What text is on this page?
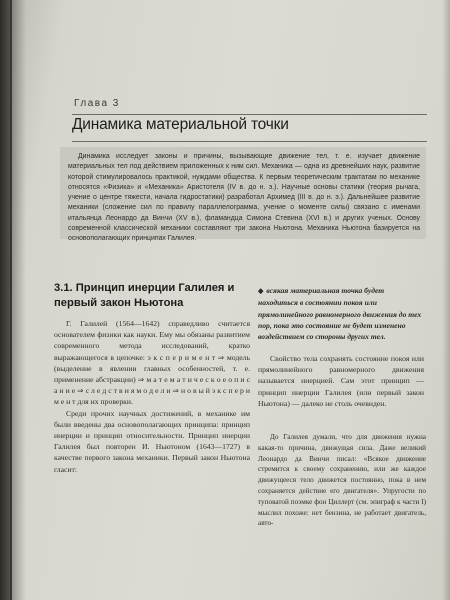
Глава 3
Динамика материальной точки
Динамика исследует законы и причины, вызывающие движение тел, т. е. изучает движение материальных тел под действием приложенных к ним сил. Механика — одна из древнейших наук, развитие которой стимулировалось практикой, нуждами общества. К первым теоретическим трактатам по механике относятся «Физика» и «Механика» Аристотеля (IV в. до н. э.). Научные основы статики (теория рычага, учение о центре тяжести, начала гидростатики) разработал Архимед (III в. до н. э.). Дальнейшее развитие механики (сложение сил по правилу параллелограмма, учение о моменте силы) связано с именами итальянца Леонардо да Винчи (XV в.), фламандца Симона Стевина (XVI в.) и других ученых. Основу современной классической механики составляют три закона Ньютона. Механика Ньютона базируется на основополагающих принципах Галилея.
3.1. Принцип инерции Галилея и первый закон Ньютона
◆ всякая материальная точка будет находиться в состоянии покоя или прямолинейного равномерного движения до тех пор, пока это состояние не будет изменено воздействием со стороны других тел.

Г. Галилей (1564—1642) справедливо считается основателем физики как науки. Ему мы обязаны развитием современного метода исследований, кратко выражающегося в цепочке: э к с п е р и м е н т ⇒ модель (выделение в явлении главных особенностей, т. е. применение абстракции) ⇒ м а т е м а т и ч е с к о е о п и с а н и е ⇒ с л е д с т в и я м о д е л и ⇒ н о в ы й э к с п е р и м е н т для их проверки.

Среди прочих научных достижений, в механике им были введены два основополагающих принципа: принцип инерции и принцип относительности. Принцип инерции Галилея был повторен И. Ньютоном (1643—1727) в качестве первого закона механики. Первый закон Ньютона гласит:

Свойство тела сохранять состояние покоя или прямолинейного равномерного движения называется инерцией. Сам этот принцип — принцип инерции Галилея (или первый закон Ньютона) — далеко не столь очевиден.

До Галилея думали, что для движения нужна какая-то причина, движущая сила. Даже великий Леонардо да Винчи писал: «Всякое движение стремится к своему сохранению, или же каждое движущееся тело движется постоянно, пока в нем сохраняется действие его двигателя». Упругости по туповатой поэмке фон Циллерт (см. эпиграф к части I) мыслил похоже: нет бензина, не работает двигатель, авто-
